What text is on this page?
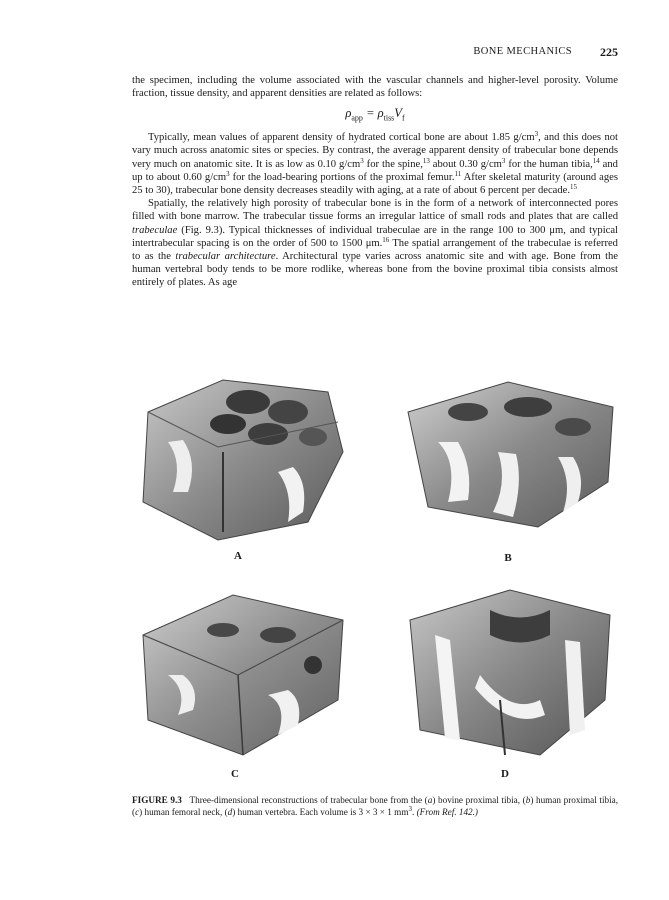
BONE MECHANICS 225

the specimen, including the volume associated with the vascular channels and higher-level porosity. Volume fraction, tissue density, and apparent densities are related as follows:

$\rho_{app} = \rho_{tiss}V_f$

Typically, mean values of apparent density of hydrated cortical bone are about 1.85 $g/cm^3$, and this does not vary much across anatomic sites or species. By contrast, the average apparent density of trabecular bone depends very much on anatomic site. It is as low as 0.10 $g/cm^3$ for the spine,$^{13}$ about 0.30 $g/cm^3$ for the human tibia,$^{14}$ and up to about 0.60 $g/cm^3$ for the load-bearing portions of the proximal femur.$^{11}$ After skeletal maturity (around ages 25 to 30), trabecular bone density decreases steadily with aging, at a rate of about 6 percent per decade.$^{15}$

Spatially, the relatively high porosity of trabecular bone is in the form of a network of interconnected pores filled with bone marrow. The trabecular tissue forms an irregular lattice of small rods and plates that are called trabeculae (Fig. 9.3). Typical thicknesses of individual trabeculae are in the range 100 to 300 μm, and typical intertrabecular spacing is on the order of 500 to 1500 μm.$^{16}$ The spatial arrangement of the trabeculae is referred to as the trabecular architecture. Architectural type varies across anatomic site and with age. Bone from the human vertebral body tends to be more rodlike, whereas bone from the bovine proximal tibia consists almost entirely of plates. As age

A	B
C	D
FIGURE 9.3 Three-dimensional reconstructions of trabecular bone from the (a) bovine proximal tibia, (b) human proximal tibia, (c) human femoral neck, (d) human vertebra. Each volume is 3 × 3 × 1 $mm^3$. (From Ref. 142.)
